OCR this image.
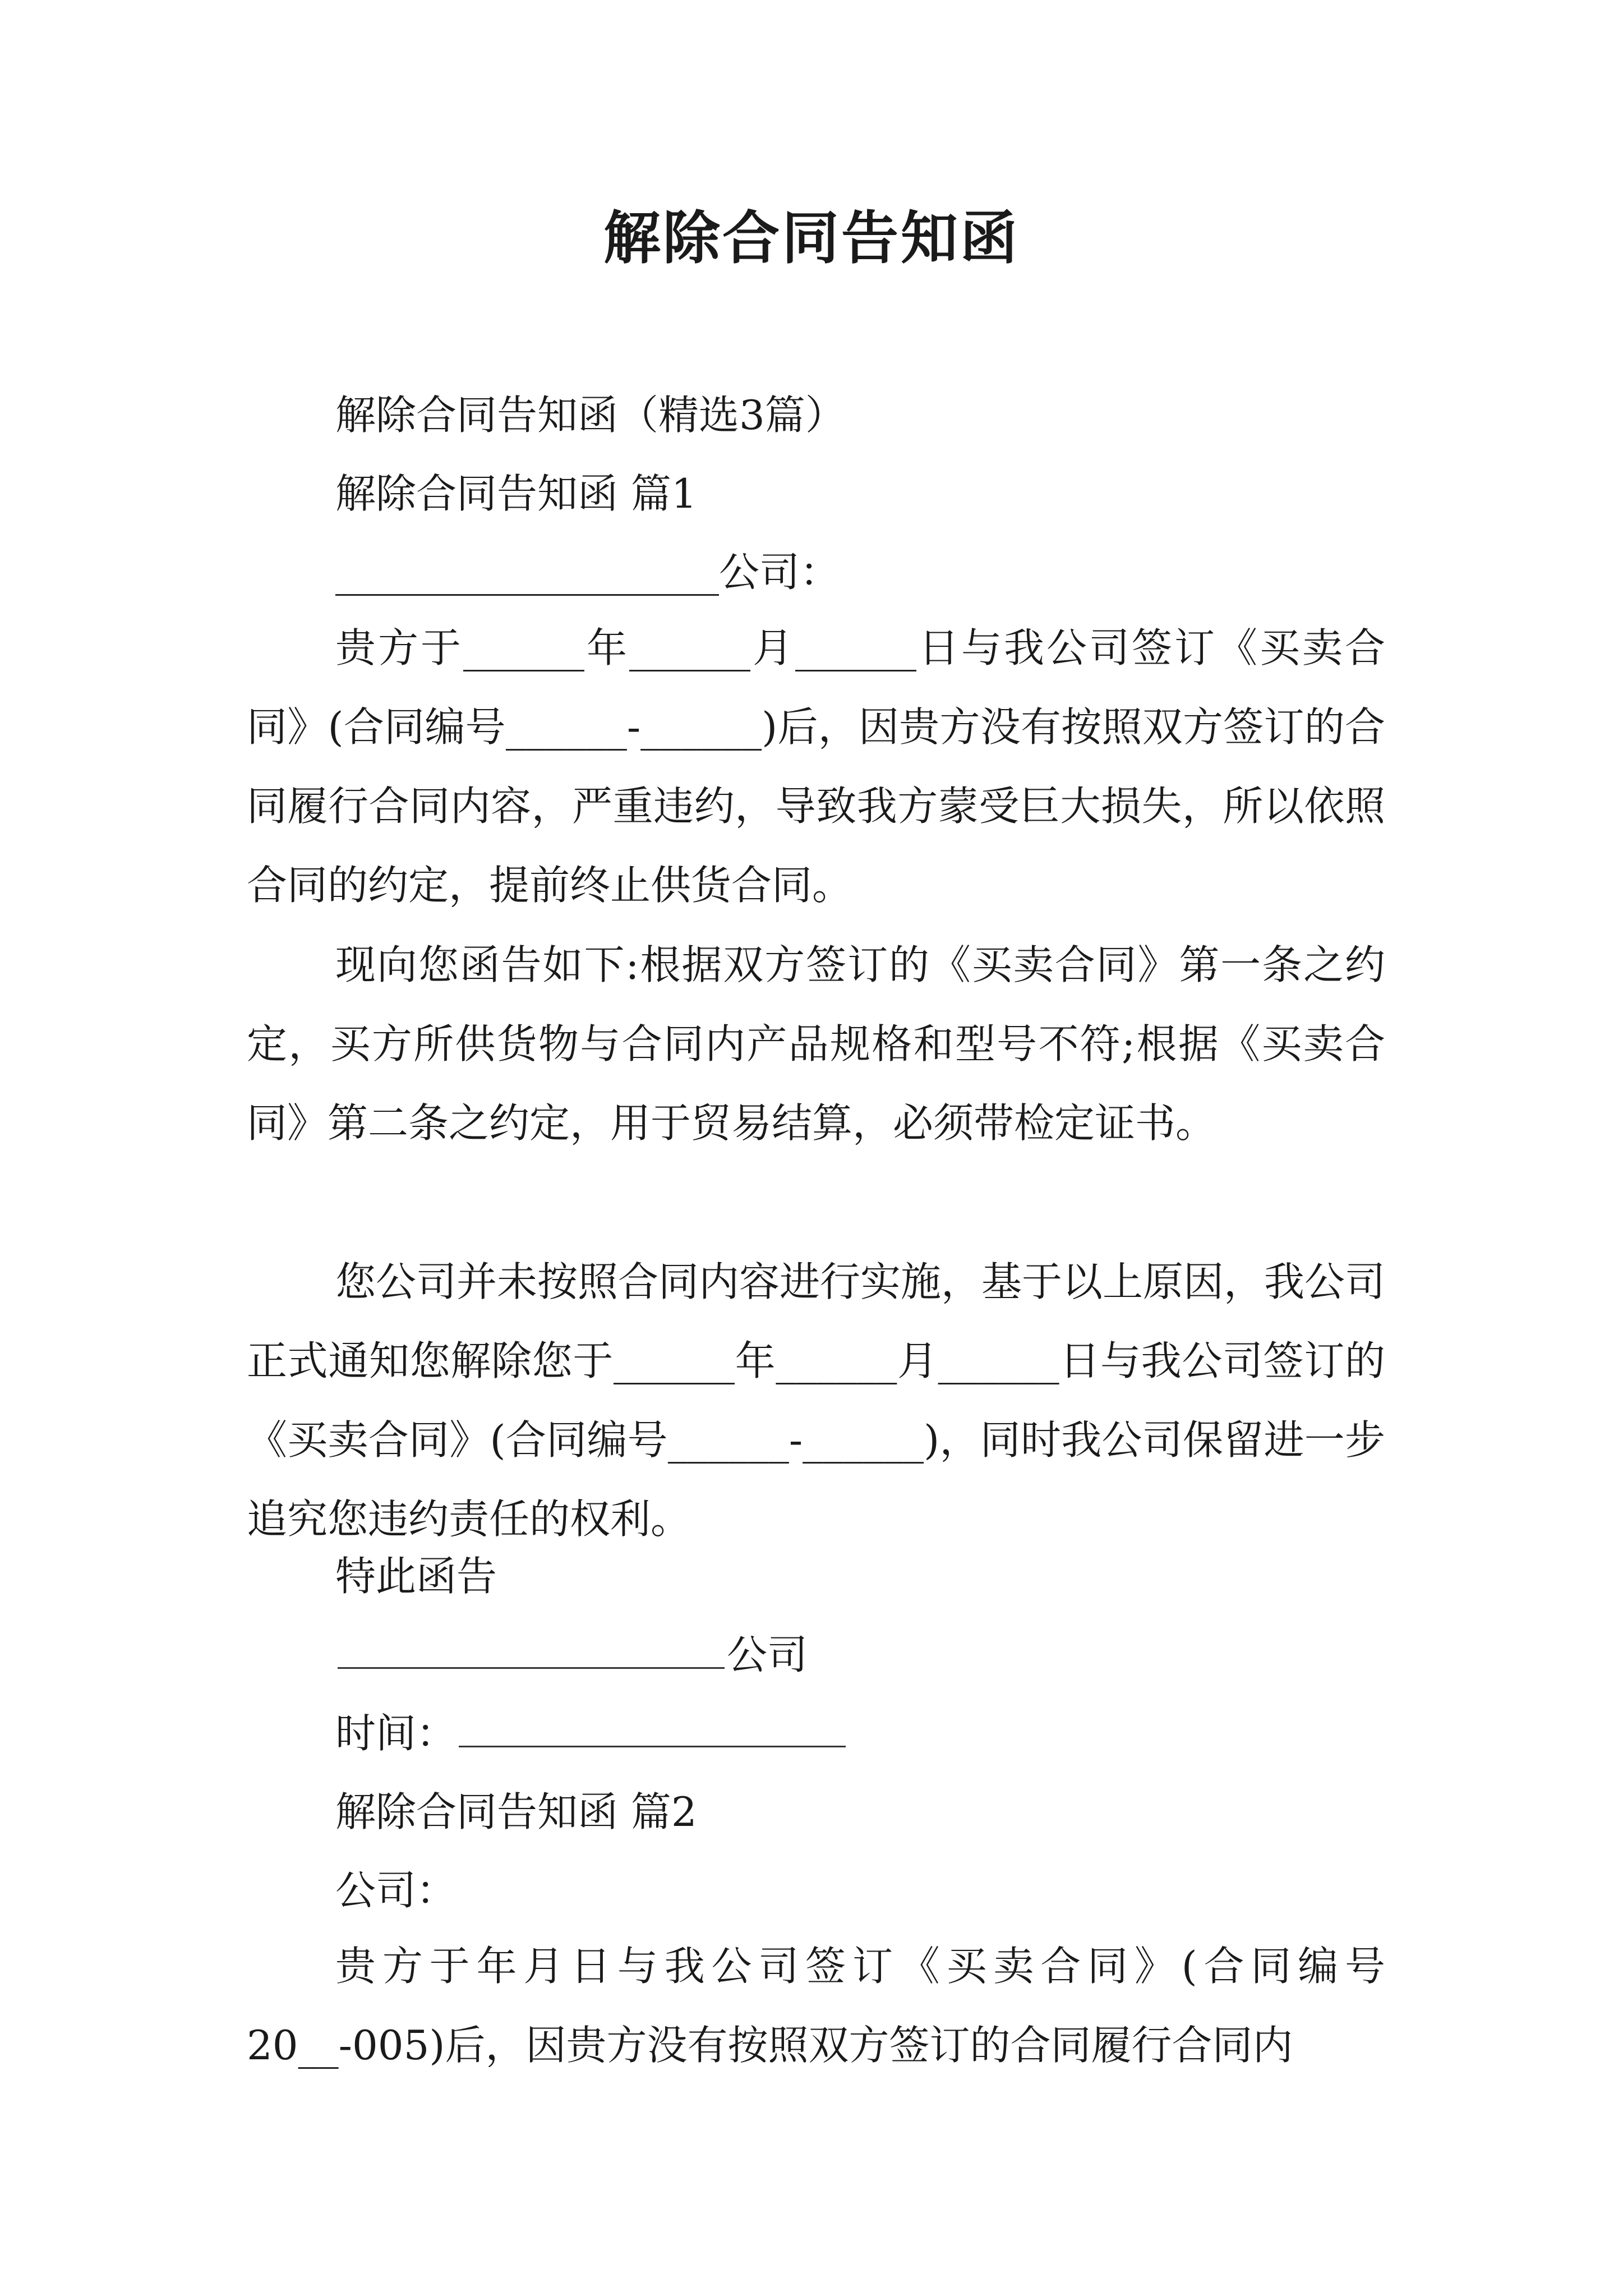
解除合同告知函

解除合同告知函（精选3篇）

解除合同告知函 篇1

___________________公司：

贵方于______年______月______日与我公司签订《买卖合同》(合同编号______-______)后，因贵方没有按照双方签订的合同履行合同内容，严重违约，导致我方蒙受巨大损失，所以依照合同的约定，提前终止供货合同。

现向您函告如下:根据双方签订的《买卖合同》第一条之约定，买方所供货物与合同内产品规格和型号不符;根据《买卖合同》第二条之约定，用于贸易结算，必须带检定证书。

您公司并未按照合同内容进行实施，基于以上原因，我公司正式通知您解除您于______年______月______日与我公司签订的《买卖合同》(合同编号______-______)，同时我公司保留进一步追究您违约责任的权利。

特此函告

公司

时间：

解除合同告知函 篇2

公司：

贵方于年月日与我公司签订《买卖合同》(合同编号20__-005)后，因贵方没有按照双方签订的合同履行合同内
